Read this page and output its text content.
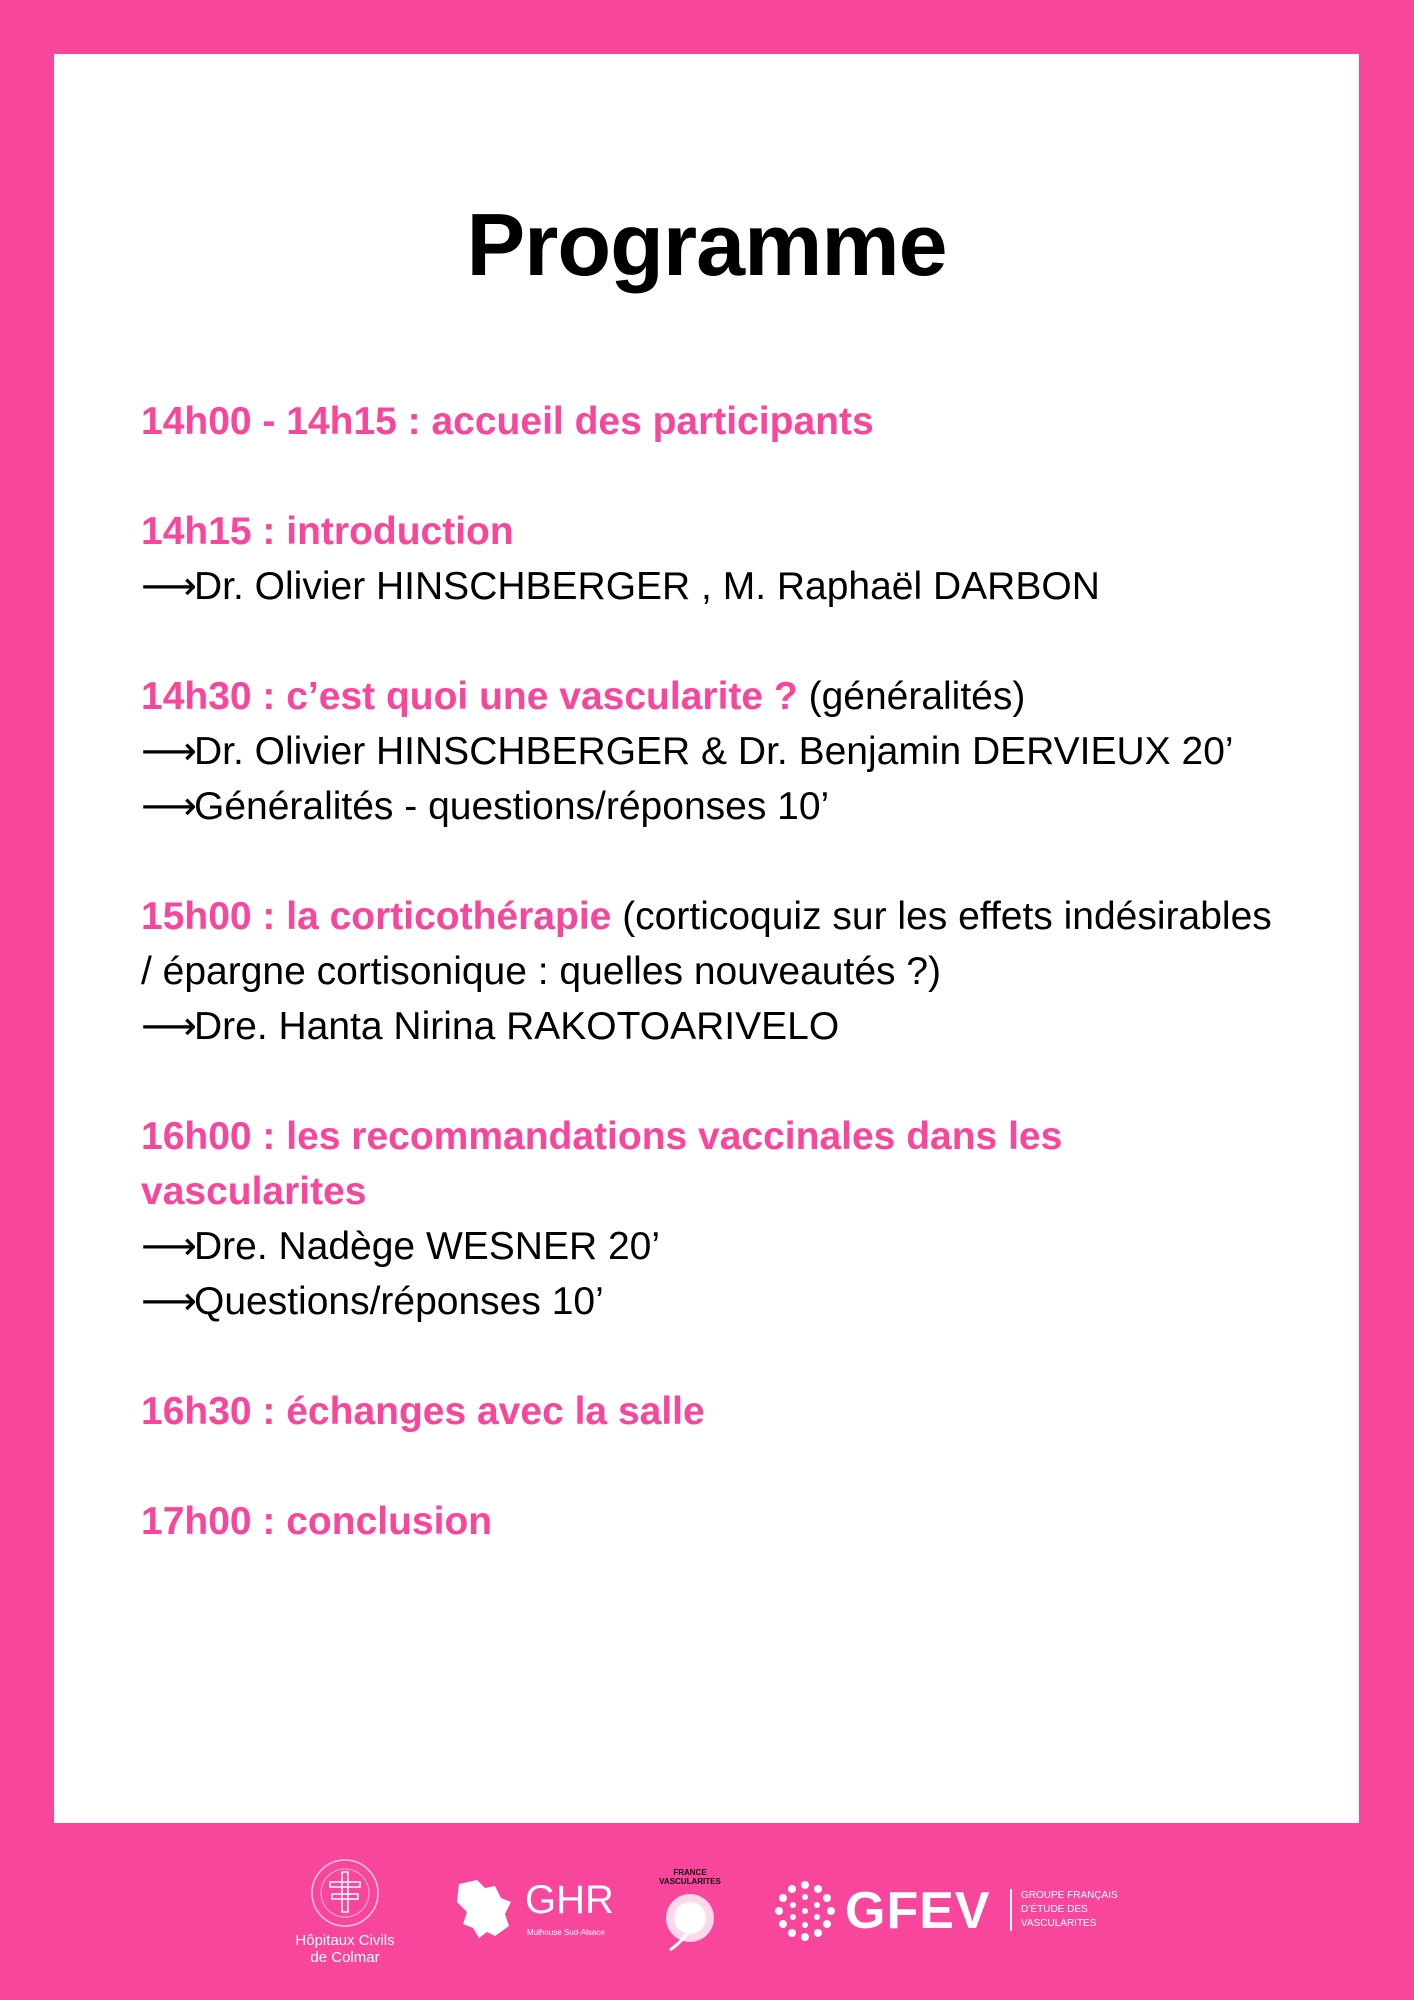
Programme
14h00 - 14h15 : accueil des participants
14h15 : introduction
⟶Dr. Olivier HINSCHBERGER , M. Raphaël DARBON
14h30 : c’est quoi une vascularite ? (généralités)
⟶Dr. Olivier HINSCHBERGER & Dr. Benjamin DERVIEUX 20’
⟶Généralités - questions/réponses 10’
15h00 : la corticothérapie (corticoquiz sur les effets indésirables / épargne cortisonique : quelles nouveautés ?)
⟶Dre. Hanta Nirina RAKOTOARIVELO
16h00 : les recommandations vaccinales dans les vascularites
⟶Dre. Nadège WESNER 20’
⟶Questions/réponses 10’
16h30 : échanges avec la salle
17h00 : conclusion
Hôpitaux Civils
de Colmar
GHR
Mulhouse Sud-Alsace
FRANCE
VASCULARITES
GFEV	GROUPE FRANÇAIS
D’ÉTUDE DES
VASCULARITES
